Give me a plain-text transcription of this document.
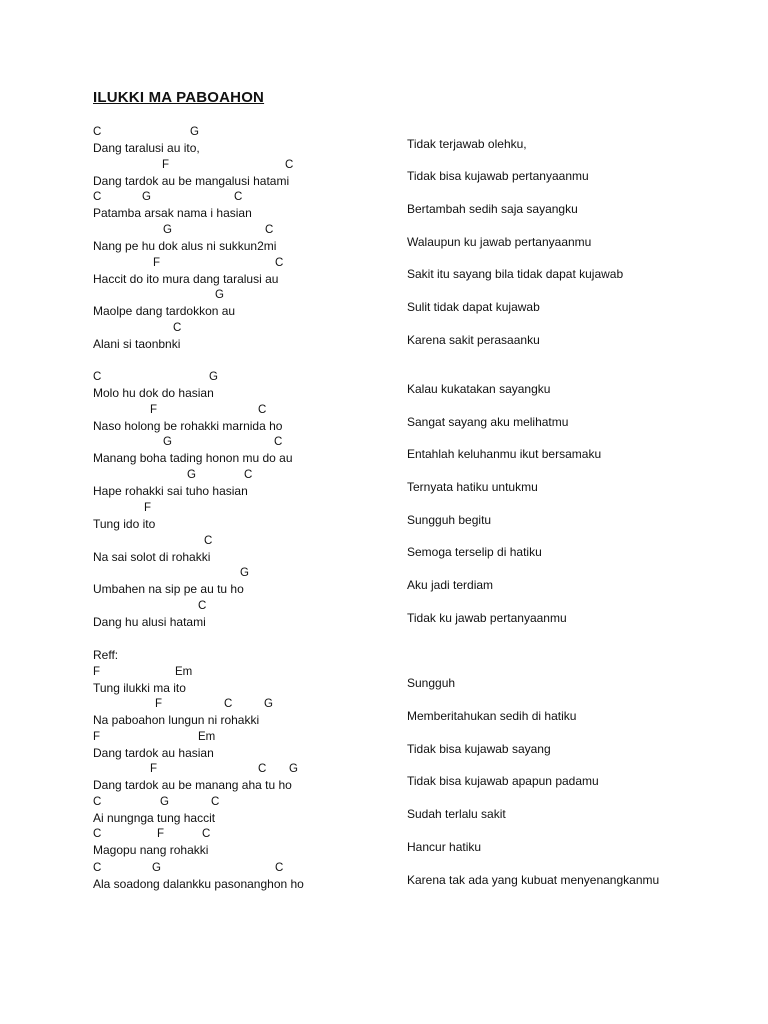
ILUKKI MA PABOAHON
C	G
Dang taralusi au ito,
F	C
Dang tardok au be mangalusi hatami
C	G	C
Patamba arsak nama i hasian
G	C
Nang pe hu dok alus ni sukkun2mi
F	C
Haccit do ito mura dang taralusi au
G
Maolpe dang tardokkon au
C
Alani si taonbnki
C	G
Molo hu dok do hasian
F	C
Naso holong be rohakki marnida ho
G	C
Manang boha tading honon mu do au
G	C
Hape rohakki sai tuho hasian
F
Tung ido ito
C
Na sai solot di rohakki
G
Umbahen na sip pe au tu ho
C
Dang hu alusi hatami
Reff:
F	Em
Tung ilukki ma ito
F	C	G
Na paboahon lungun ni rohakki
F	Em
Dang tardok au hasian
F	C G
Dang tardok au be manang aha tu ho
C	G	C
Ai nungnga tung haccit
C	F	C
Magopu nang rohakki
C	G	C
Ala soadong dalankku pasonanghon ho
Tidak terjawab olehku,
Tidak bisa kujawab pertanyaanmu
Bertambah sedih saja sayangku
Walaupun ku jawab pertanyaanmu
Sakit itu sayang bila tidak dapat kujawab
Sulit tidak dapat kujawab
Karena sakit perasaanku
Kalau kukatakan sayangku
Sangat sayang aku melihatmu
Entahlah keluhanmu ikut bersamaku
Ternyata hatiku untukmu
Sungguh begitu
Semoga terselip di hatiku
Aku jadi terdiam
Tidak ku jawab pertanyaanmu
Sungguh
Memberitahukan sedih di hatiku
Tidak bisa kujawab sayang
Tidak bisa kujawab apapun padamu
Sudah terlalu sakit
Hancur hatiku
Karena tak ada yang kubuat menyenangkanmu
